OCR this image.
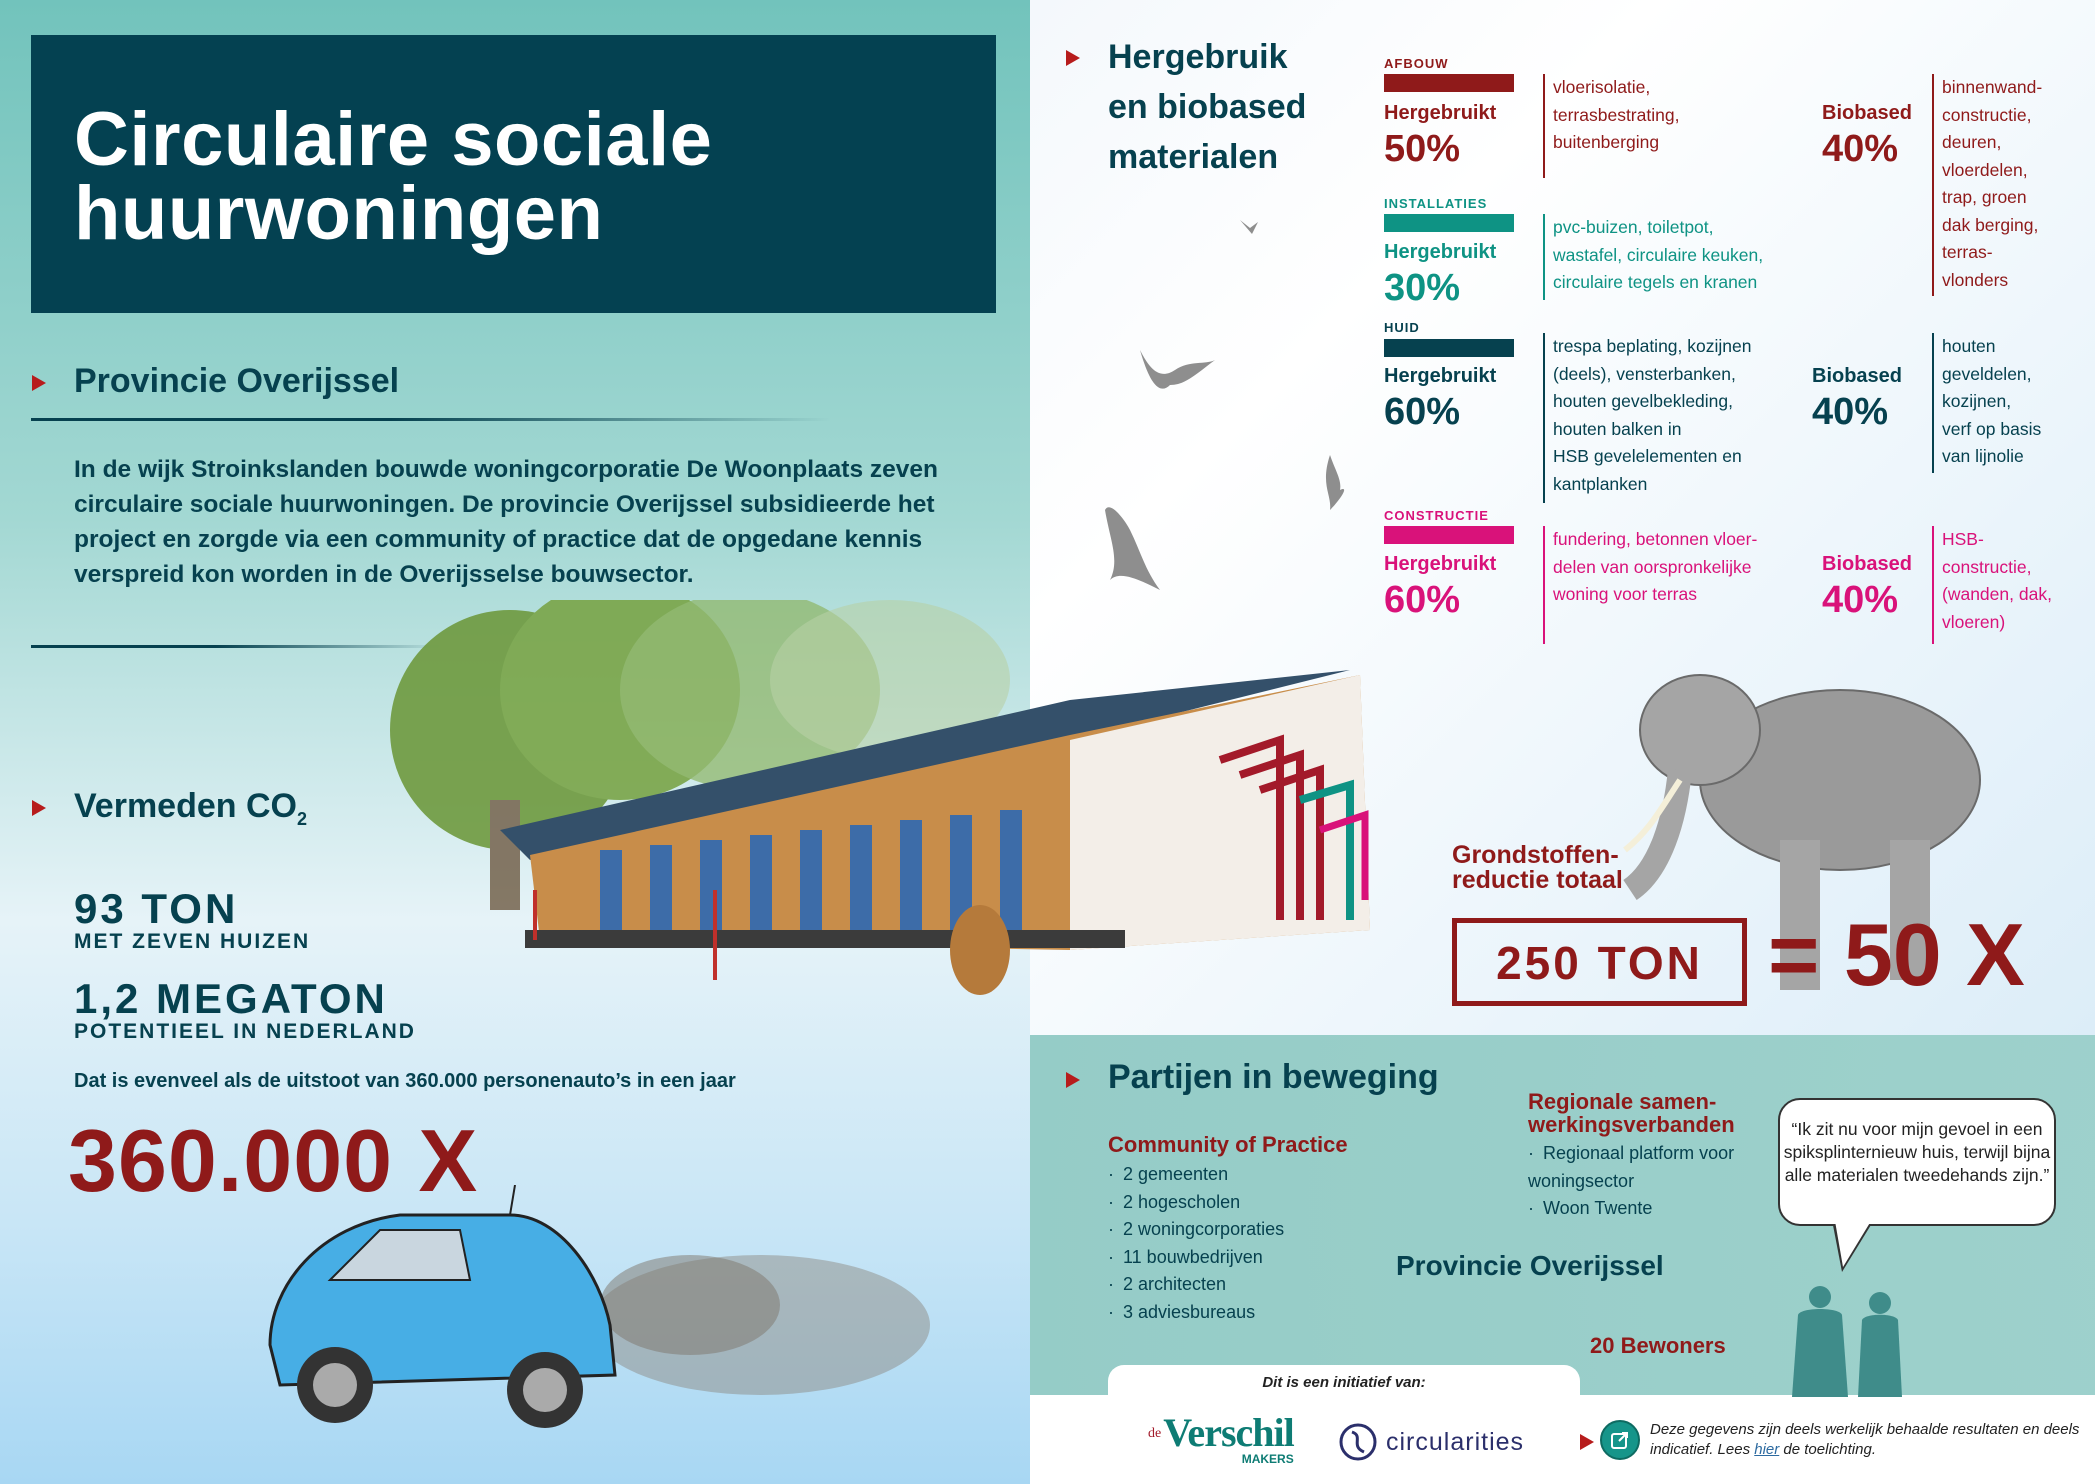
Circulaire sociale
huurwoningen
Provincie Overijssel
In de wijk Stroinkslanden bouwde woningcorporatie De Woonplaats zeven circulaire sociale huurwoningen. De provincie Overijssel subsidieerde het project en zorgde via een community of practice dat de opgedane kennis verspreid kon worden in de Overijsselse bouwsector.
Vermeden $CO_2$
93 TON
MET ZEVEN HUIZEN
1,2 MEGATON
POTENTIEEL IN NEDERLAND
Dat is evenveel als de uitstoot van 360.000 personenauto’s in een jaar
360.000 X
Hergebruik
en biobased
materialen
AFBOUW
Hergebruikt
50%
vloerisolatie,
terrasbestrating,
buitenberging
Biobased
40%
binnenwand-
constructie,
deuren,
vloerdelen,
trap, groen
dak berging,
terras-
vlonders
INSTALLATIES
Hergebruikt
30%
pvc-buizen, toiletpot,
wastafel, circulaire keuken,
circulaire tegels en kranen
HUID
Hergebruikt
60%
trespa beplating, kozijnen
(deels), vensterbanken,
houten gevelbekleding,
houten balken in
HSB gevelelementen en
kantplanken
Biobased
40%
houten
geveldelen,
kozijnen,
verf op basis
van lijnolie
CONSTRUCTIE
Hergebruikt
60%
fundering, betonnen vloer-
delen van oorspronkelijke
woning voor terras
Biobased
40%
HSB-
constructie,
(wanden, dak,
vloeren)
Grondstoffen-
reductie totaal
250 TON = 50 X
Partijen in beweging
Community of Practice
· 2 gemeenten
· 2 hogescholen
· 2 woningcorporaties
· 11 bouwbedrijven
· 2 architecten
· 3 adviesbureaus
Regionale samen-
werkingsverbanden
· Regionaal platform voor woningsector
· Woon Twente
Provincie Overijssel
20 Bewoners
“Ik zit nu voor mijn gevoel in een spiksplinternieuw huis, terwijl bijna alle materialen tweedehands zijn.”
Dit is een initiatief van:
de Verschil
MAKERS
circularities	Deze gegevens zijn deels werkelijk behaalde resultaten en deels indicatief. Lees hier de toelichting.
